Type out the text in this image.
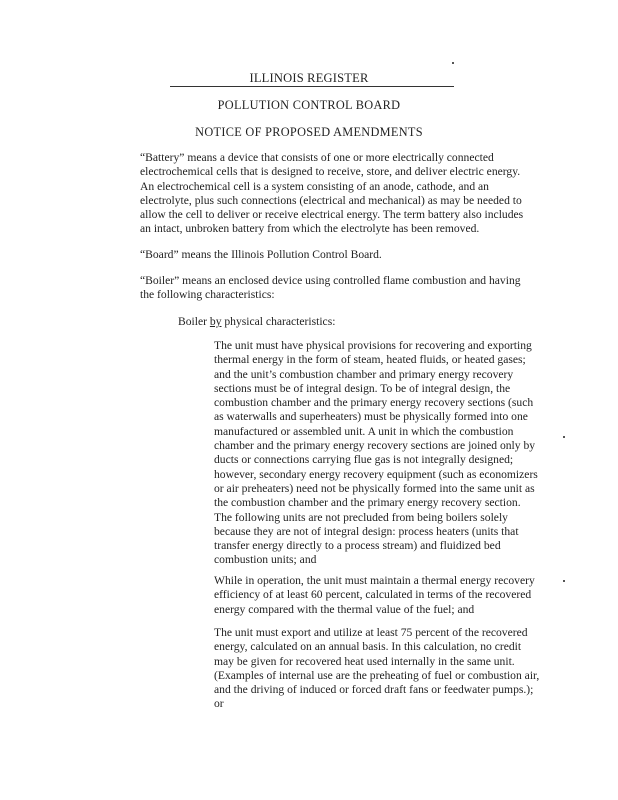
ILLINOIS REGISTER
POLLUTION CONTROL BOARD
NOTICE OF PROPOSED AMENDMENTS

“Battery” means a device that consists of one or more electrically connected electrochemical cells that is designed to receive, store, and deliver electric energy. An electrochemical cell is a system consisting of an anode, cathode, and an electrolyte, plus such connections (electrical and mechanical) as may be needed to allow the cell to deliver or receive electrical energy. The term battery also includes an intact, unbroken battery from which the electrolyte has been removed.

“Board” means the Illinois Pollution Control Board.

“Boiler” means an enclosed device using controlled flame combustion and having the following characteristics:

Boiler by physical characteristics:

The unit must have physical provisions for recovering and exporting thermal energy in the form of steam, heated fluids, or heated gases; and the unit’s combustion chamber and primary energy recovery sections must be of integral design. To be of integral design, the combustion chamber and the primary energy recovery sections (such as waterwalls and superheaters) must be physically formed into one manufactured or assembled unit. A unit in which the combustion chamber and the primary energy recovery sections are joined only by ducts or connections carrying flue gas is not integrally designed; however, secondary energy recovery equipment (such as economizers or air preheaters) need not be physically formed into the same unit as the combustion chamber and the primary energy recovery section. The following units are not precluded from being boilers solely because they are not of integral design: process heaters (units that transfer energy directly to a process stream) and fluidized bed combustion units; and

While in operation, the unit must maintain a thermal energy recovery efficiency of at least 60 percent, calculated in terms of the recovered energy compared with the thermal value of the fuel; and

The unit must export and utilize at least 75 percent of the recovered energy, calculated on an annual basis. In this calculation, no credit may be given for recovered heat used internally in the same unit. (Examples of internal use are the preheating of fuel or combustion air, and the driving of induced or forced draft fans or feedwater pumps.); or
